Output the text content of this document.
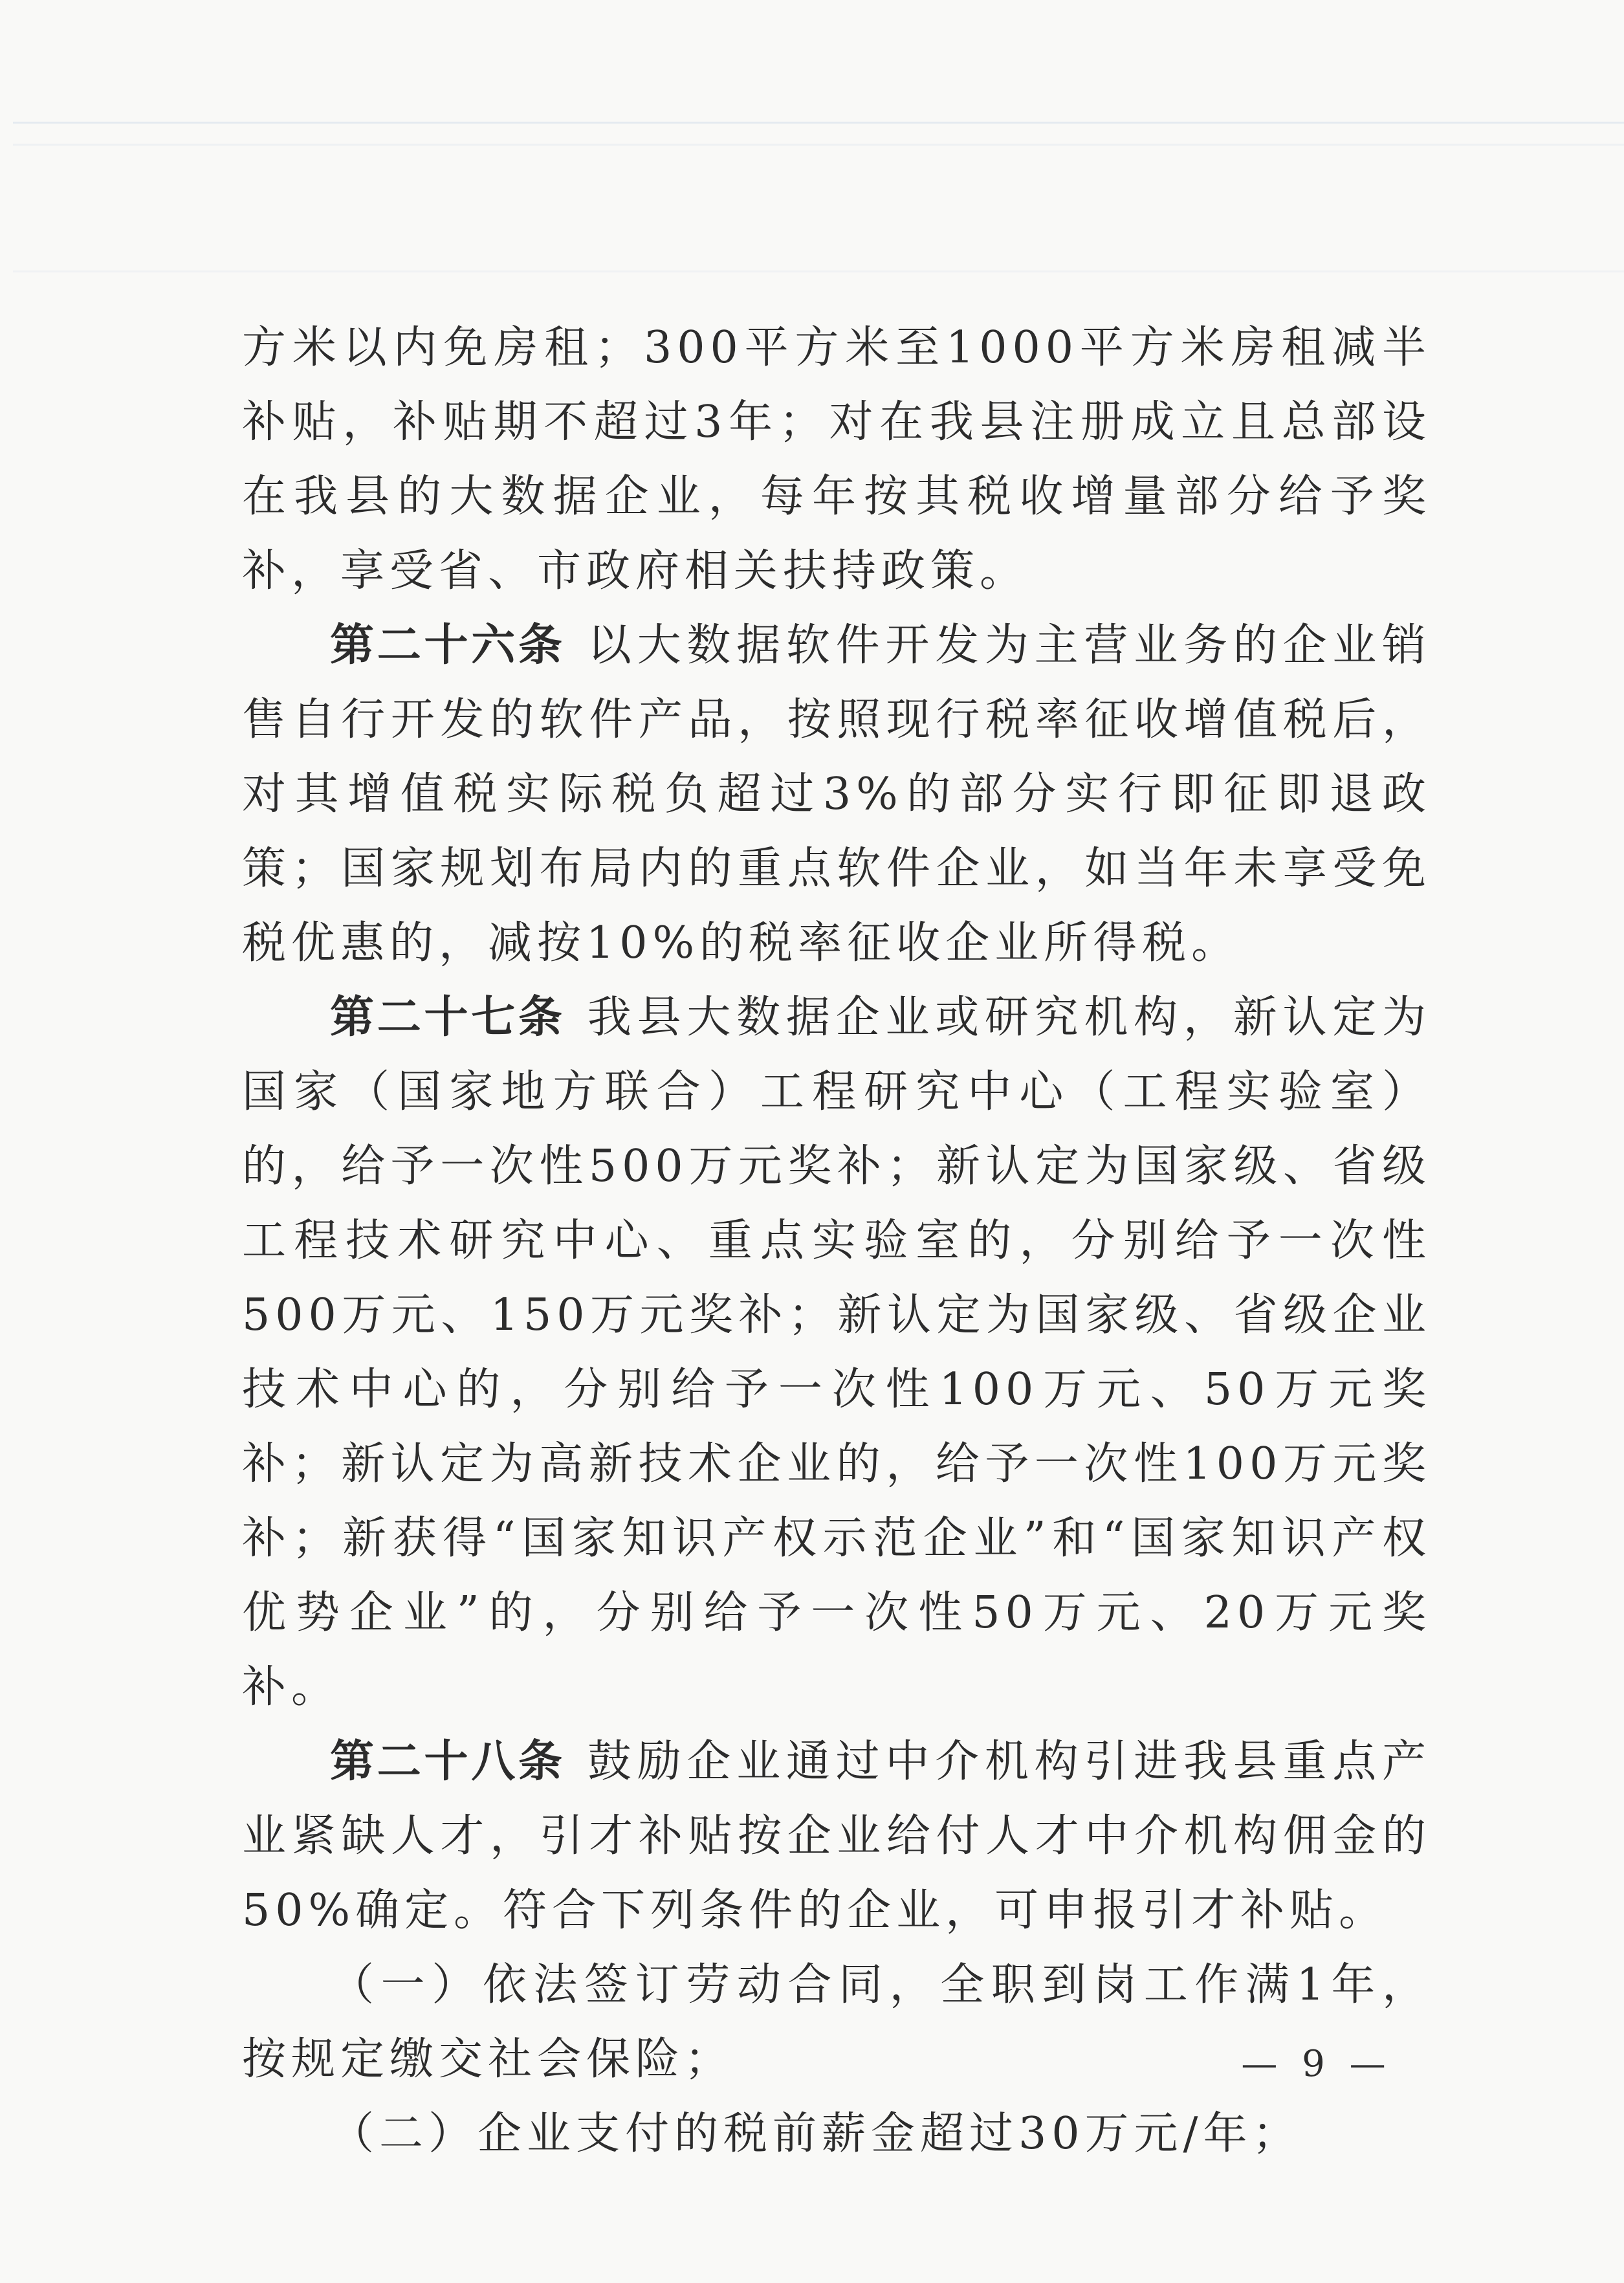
方米以内免房租；300平方米至1000平方米房租减半补贴，补贴期不超过3年；对在我县注册成立且总部设在我县的大数据企业，每年按其税收增量部分给予奖补，享受省、市政府相关扶持政策。

第二十六条 以大数据软件开发为主营业务的企业销售自行开发的软件产品，按照现行税率征收增值税后，对其增值税实际税负超过3%的部分实行即征即退政策；国家规划布局内的重点软件企业，如当年未享受免税优惠的，减按10%的税率征收企业所得税。

第二十七条 我县大数据企业或研究机构，新认定为国家（国家地方联合）工程研究中心（工程实验室）的，给予一次性500万元奖补；新认定为国家级、省级工程技术研究中心、重点实验室的，分别给予一次性500万元、150万元奖补；新认定为国家级、省级企业技术中心的，分别给予一次性100万元、50万元奖补；新认定为高新技术企业的，给予一次性100万元奖补；新获得“国家知识产权示范企业”和“国家知识产权优势企业”的，分别给予一次性50万元、20万元奖补。

第二十八条 鼓励企业通过中介机构引进我县重点产业紧缺人才，引才补贴按企业给付人才中介机构佣金的50%确定。符合下列条件的企业，可申报引才补贴。

（一）依法签订劳动合同，全职到岗工作满1年，按规定缴交社会保险；

（二）企业支付的税前薪金超过30万元/年；

— 9 —
